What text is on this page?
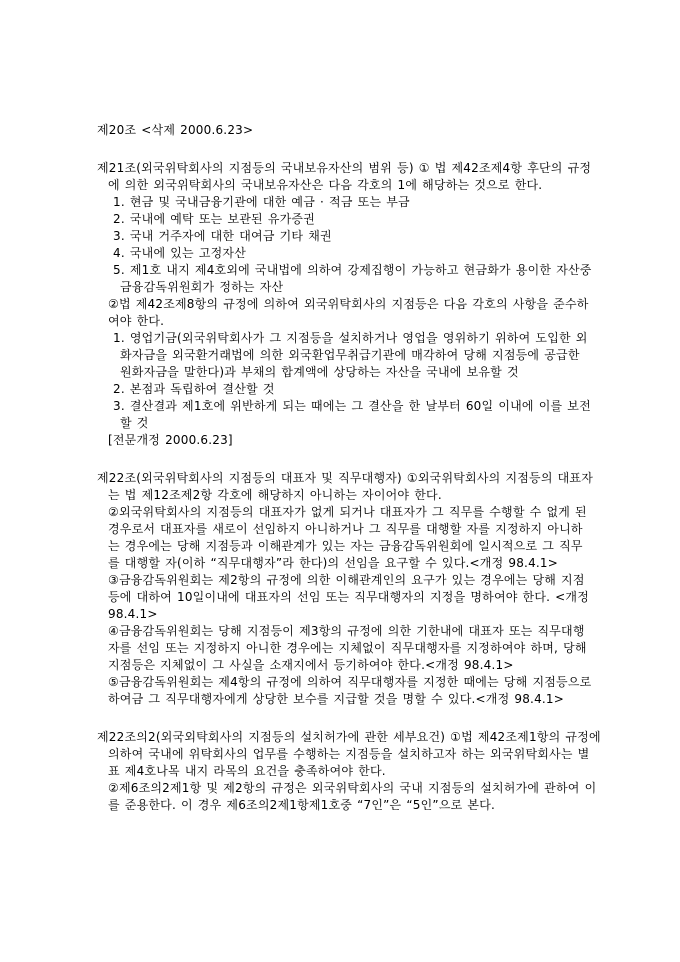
제20조 <삭제 2000.6.23>
제21조(외국위탁회사의 지점등의 국내보유자산의 범위 등) ① 법 제42조제4항 후단의 규정
에 의한 외국위탁회사의 국내보유자산은 다음 각호의 1에 해당하는 것으로 한다.
1. 현금 및 국내금융기관에 대한 예금 · 적금 또는 부금
2. 국내에 예탁 또는 보관된 유가증권
3. 국내 거주자에 대한 대여금 기타 채권
4. 국내에 있는 고정자산
5. 제1호 내지 제4호외에 국내법에 의하여 강제집행이 가능하고 현금화가 용이한 자산중
금융감독위원회가 정하는 자산
②법 제42조제8항의 규정에 의하여 외국위탁회사의 지점등은 다음 각호의 사항을 준수하
여야 한다.
1. 영업기금(외국위탁회사가 그 지점등을 설치하거나 영업을 영위하기 위하여 도입한 외
화자금을 외국환거래법에 의한 외국환업무취급기관에 매각하여 당해 지점등에 공급한
원화자금을 말한다)과 부채의 합계액에 상당하는 자산을 국내에 보유할 것
2. 본점과 독립하여 결산할 것
3. 결산결과 제1호에 위반하게 되는 때에는 그 결산을 한 날부터 60일 이내에 이를 보전
할 것
[전문개정 2000.6.23]
제22조(외국위탁회사의 지점등의 대표자 및 직무대행자) ①외국위탁회사의 지점등의 대표자
는 법 제12조제2항 각호에 해당하지 아니하는 자이어야 한다.
②외국위탁회사의 지점등의 대표자가 없게 되거나 대표자가 그 직무를 수행할 수 없게 된
경우로서 대표자를 새로이 선임하지 아니하거나 그 직무를 대행할 자를 지정하지 아니하
는 경우에는 당해 지점등과 이해관계가 있는 자는 금융감독위원회에 일시적으로 그 직무
를 대행할 자(이하 “직무대행자”라 한다)의 선임을 요구할 수 있다.<개정 98.4.1>
③금융감독위원회는 제2항의 규정에 의한 이해관계인의 요구가 있는 경우에는 당해 지점
등에 대하여 10일이내에 대표자의 선임 또는 직무대행자의 지정을 명하여야 한다. <개정
98.4.1>
④금융감독위원회는 당해 지점등이 제3항의 규정에 의한 기한내에 대표자 또는 직무대행
자를 선임 또는 지정하지 아니한 경우에는 지체없이 직무대행자를 지정하여야 하며, 당해
지점등은 지체없이 그 사실을 소재지에서 등기하여야 한다.<개정 98.4.1>
⑤금융감독위원회는 제4항의 규정에 의하여 직무대행자를 지정한 때에는 당해 지점등으로
하여금 그 직무대행자에게 상당한 보수를 지급할 것을 명할 수 있다.<개정 98.4.1>
제22조의2(외국외탁회사의 지점등의 설치허가에 관한 세부요건) ①법 제42조제1항의 규정에
의하여 국내에 위탁회사의 업무를 수행하는 지점등을 설치하고자 하는 외국위탁회사는 별
표 제4호나목 내지 라목의 요건을 충족하여야 한다.
②제6조의2제1항 및 제2항의 규정은 외국위탁회사의 국내 지점등의 설치허가에 관하여 이
를 준용한다. 이 경우 제6조의2제1항제1호중 “7인”은 “5인”으로 본다.
